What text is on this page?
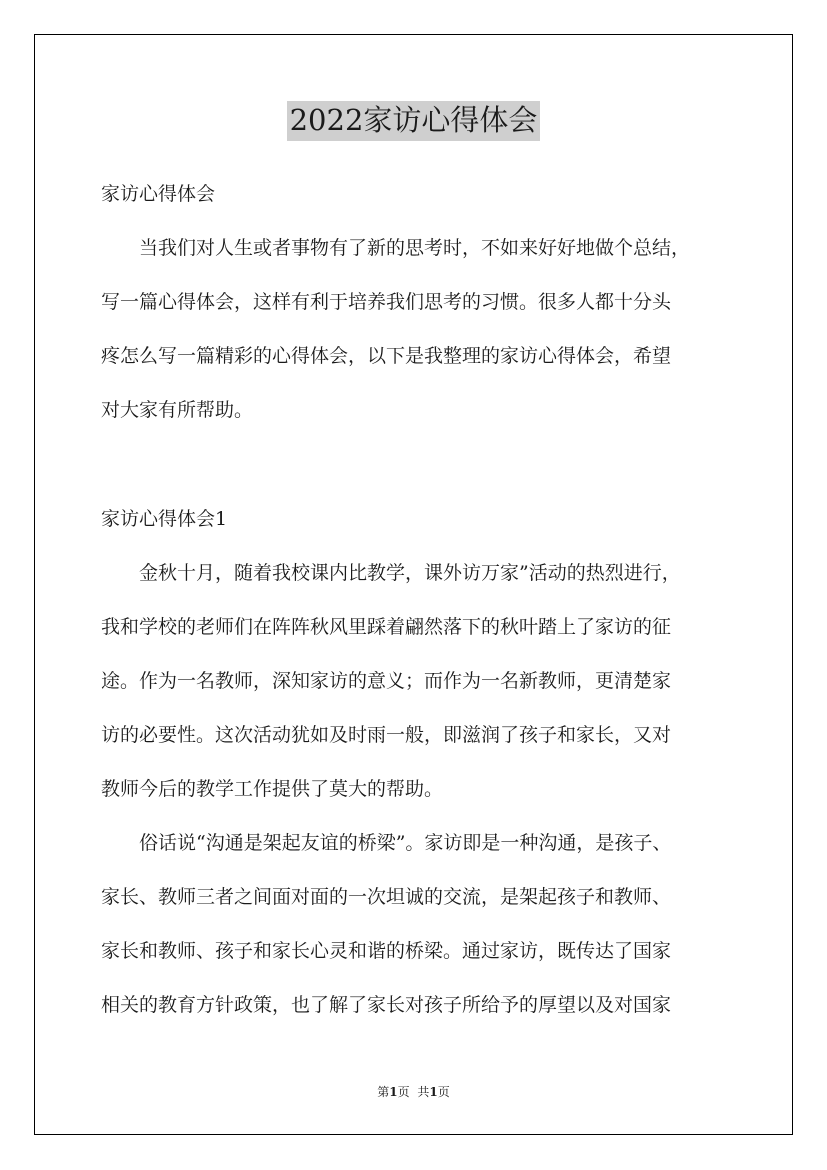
2022家访心得体会
家访心得体会
　　当我们对人生或者事物有了新的思考时，不如来好好地做个总结，
写一篇心得体会，这样有利于培养我们思考的习惯。很多人都十分头
疼怎么写一篇精彩的心得体会，以下是我整理的家访心得体会，希望
对大家有所帮助。
家访心得体会1
　　金秋十月，随着我校课内比教学，课外访万家”活动的热烈进行，
我和学校的老师们在阵阵秋风里踩着翩然落下的秋叶踏上了家访的征
途。作为一名教师，深知家访的意义；而作为一名新教师，更清楚家
访的必要性。这次活动犹如及时雨一般，即滋润了孩子和家长，又对
教师今后的教学工作提供了莫大的帮助。
　　俗话说“沟通是架起友谊的桥梁”。家访即是一种沟通，是孩子、
家长、教师三者之间面对面的一次坦诚的交流，是架起孩子和教师、
家长和教师、孩子和家长心灵和谐的桥梁。通过家访，既传达了国家
相关的教育方针政策，也了解了家长对孩子所给予的厚望以及对国家
第1页 共1页
